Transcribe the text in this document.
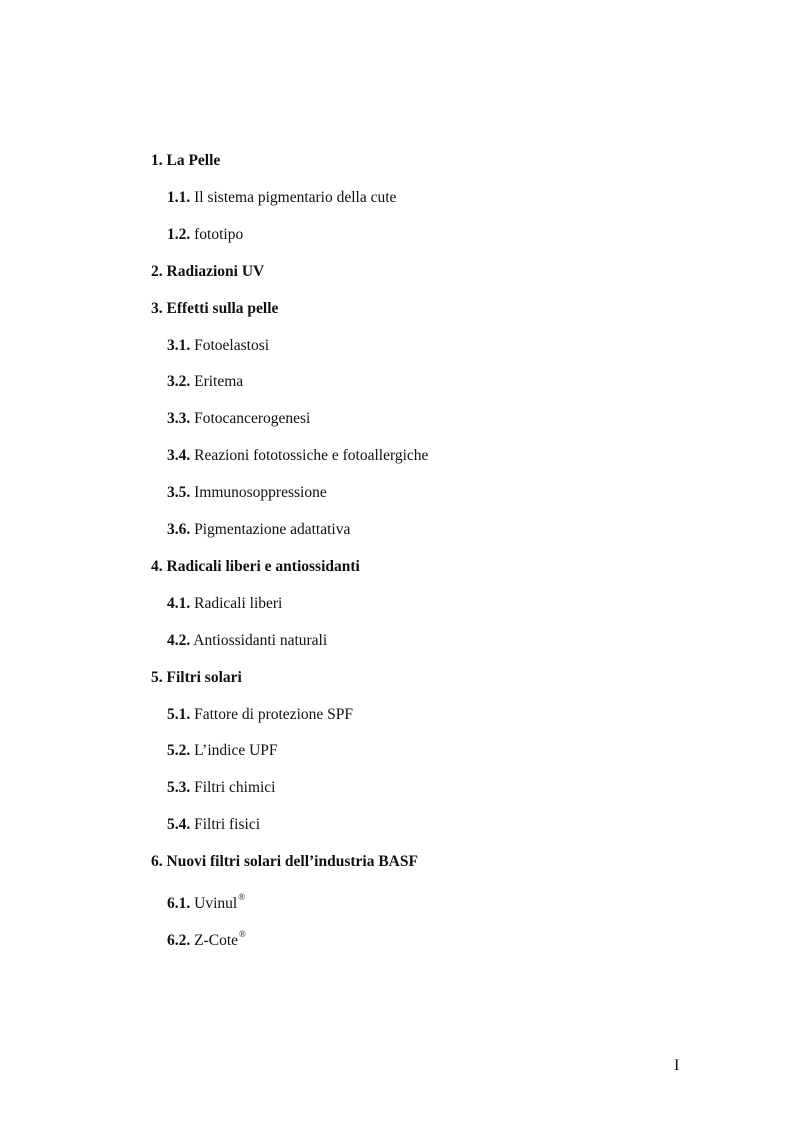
1. La Pelle
1.1. Il sistema pigmentario della cute
1.2. fototipo
2. Radiazioni UV
3. Effetti sulla pelle
3.1. Fotoelastosi
3.2. Eritema
3.3. Fotocancerogenesi
3.4. Reazioni fototossiche e fotoallergiche
3.5. Immunosoppressione
3.6. Pigmentazione adattativa
4. Radicali liberi e antiossidanti
4.1. Radicali liberi
4.2. Antiossidanti naturali
5. Filtri solari
5.1. Fattore di protezione SPF
5.2. L’indice UPF
5.3. Filtri chimici
5.4. Filtri fisici
6. Nuovi filtri solari dell’industria BASF
6.1. Uvinul®
6.2. Z-Cote®
I
